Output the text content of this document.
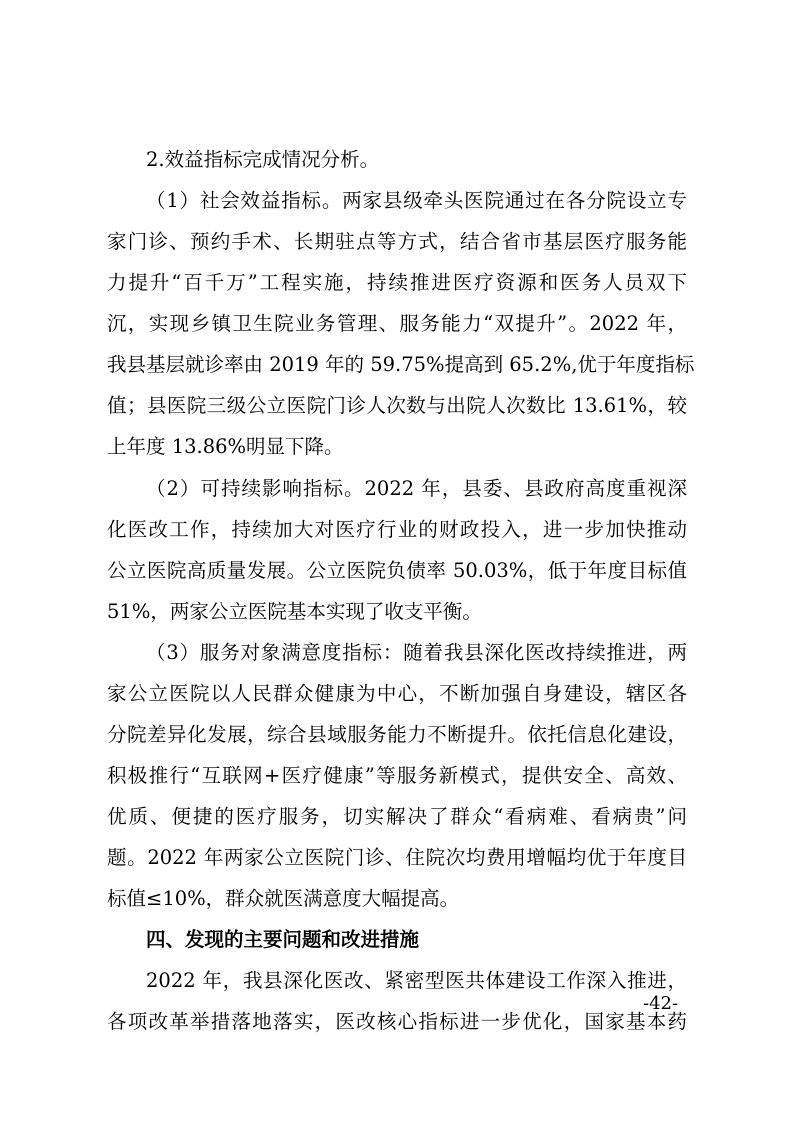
2.效益指标完成情况分析。
（1）社会效益指标。两家县级牵头医院通过在各分院设立专
家门诊、预约手术、长期驻点等方式，结合省市基层医疗服务能
力提升“百千万”工程实施，持续推进医疗资源和医务人员双下
沉，实现乡镇卫生院业务管理、服务能力“双提升”。2022 年，
我县基层就诊率由 2019 年的 59.75%提高到 65.2%,优于年度指标
值；县医院三级公立医院门诊人次数与出院人次数比 13.61%，较
上年度 13.86%明显下降。
（2）可持续影响指标。2022 年，县委、县政府高度重视深
化医改工作，持续加大对医疗行业的财政投入，进一步加快推动
公立医院高质量发展。公立医院负债率 50.03%，低于年度目标值
51%，两家公立医院基本实现了收支平衡。
（3）服务对象满意度指标：随着我县深化医改持续推进，两
家公立医院以人民群众健康为中心，不断加强自身建设，辖区各
分院差异化发展，综合县域服务能力不断提升。依托信息化建设，
积极推行“互联网+医疗健康”等服务新模式，提供安全、高效、
优质、便捷的医疗服务，切实解决了群众“看病难、看病贵”问
题。2022 年两家公立医院门诊、住院次均费用增幅均优于年度目
标值≤10%，群众就医满意度大幅提高。
四、发现的主要问题和改进措施
2022 年，我县深化医改、紧密型医共体建设工作深入推进，
各项改革举措落地落实，医改核心指标进一步优化，国家基本药
-42-
